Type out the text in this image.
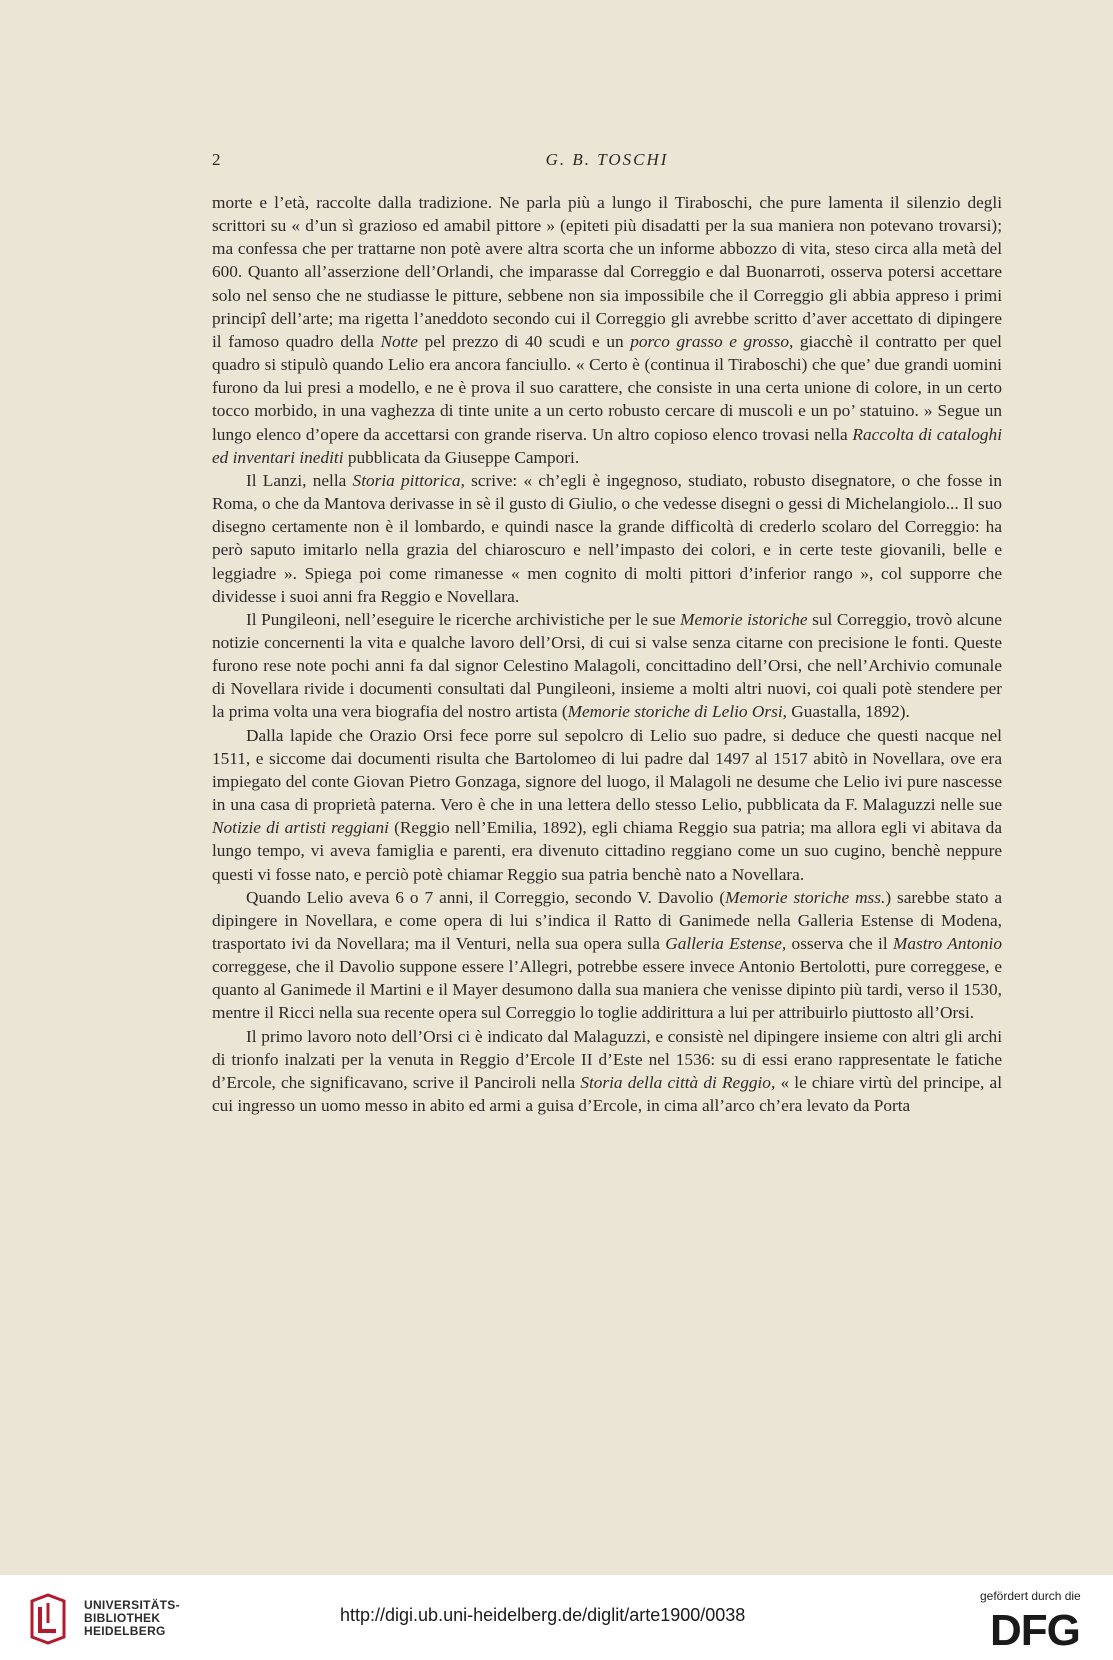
2	G. B. TOSCHI

morte e l’età, raccolte dalla tradizione. Ne parla più a lungo il Tiraboschi, che pure lamenta il silenzio degli scrittori su « d’un sì grazioso ed amabil pittore » (epiteti più disadatti per la sua maniera non potevano trovarsi); ma confessa che per trattarne non potè avere altra scorta che un informe abbozzo di vita, steso circa alla metà del 600. Quanto all’asserzione dell’Orlandi, che imparasse dal Correggio e dal Buonarroti, osserva potersi accettare solo nel senso che ne studiasse le pitture, sebbene non sia impossibile che il Correggio gli abbia appreso i primi principî dell’arte; ma rigetta l’aneddoto secondo cui il Correggio gli avrebbe scritto d’aver accettato di dipingere il famoso quadro della Notte pel prezzo di 40 scudi e un porco grasso e grosso, giacchè il contratto per quel quadro si stipulò quando Lelio era ancora fanciullo. « Certo è (continua il Tiraboschi) che que’ due grandi uomini furono da lui presi a modello, e ne è prova il suo carattere, che consiste in una certa unione di colore, in un certo tocco morbido, in una vaghezza di tinte unite a un certo robusto cercare di muscoli e un po’ statuino. » Segue un lungo elenco d’opere da accettarsi con grande riserva. Un altro copioso elenco trovasi nella Raccolta di cataloghi ed inventari inediti pubblicata da Giuseppe Campori.

Il Lanzi, nella Storia pittorica, scrive: « ch’egli è ingegnoso, studiato, robusto disegnatore, o che fosse in Roma, o che da Mantova derivasse in sè il gusto di Giulio, o che vedesse disegni o gessi di Michelangiolo... Il suo disegno certamente non è il lombardo, e quindi nasce la grande difficoltà di crederlo scolaro del Correggio: ha però saputo imitarlo nella grazia del chiaroscuro e nell’impasto dei colori, e in certe teste giovanili, belle e leggiadre ». Spiega poi come rimanesse « men cognito di molti pittori d’inferior rango », col supporre che dividesse i suoi anni fra Reggio e Novellara.

Il Pungileoni, nell’eseguire le ricerche archivistiche per le sue Memorie istoriche sul Correggio, trovò alcune notizie concernenti la vita e qualche lavoro dell’Orsi, di cui si valse senza citarne con precisione le fonti. Queste furono rese note pochi anni fa dal signor Celestino Malagoli, concittadino dell’Orsi, che nell’Archivio comunale di Novellara rivide i documenti consultati dal Pungileoni, insieme a molti altri nuovi, coi quali potè stendere per la prima volta una vera biografia del nostro artista (Memorie storiche di Lelio Orsi, Guastalla, 1892).

Dalla lapide che Orazio Orsi fece porre sul sepolcro di Lelio suo padre, si deduce che questi nacque nel 1511, e siccome dai documenti risulta che Bartolomeo di lui padre dal 1497 al 1517 abitò in Novellara, ove era impiegato del conte Giovan Pietro Gonzaga, signore del luogo, il Malagoli ne desume che Lelio ivi pure nascesse in una casa di proprietà paterna. Vero è che in una lettera dello stesso Lelio, pubblicata da F. Malaguzzi nelle sue Notizie di artisti reggiani (Reggio nell’Emilia, 1892), egli chiama Reggio sua patria; ma allora egli vi abitava da lungo tempo, vi aveva famiglia e parenti, era divenuto cittadino reggiano come un suo cugino, benchè neppure questi vi fosse nato, e perciò potè chiamar Reggio sua patria benchè nato a Novellara.

Quando Lelio aveva 6 o 7 anni, il Correggio, secondo V. Davolio (Memorie storiche mss.) sarebbe stato a dipingere in Novellara, e come opera di lui s’indica il Ratto di Ganimede nella Galleria Estense di Modena, trasportato ivi da Novellara; ma il Venturi, nella sua opera sulla Galleria Estense, osserva che il Mastro Antonio correggese, che il Davolio suppone essere l’Allegri, potrebbe essere invece Antonio Bertolotti, pure correggese, e quanto al Ganimede il Martini e il Mayer desumono dalla sua maniera che venisse dipinto più tardi, verso il 1530, mentre il Ricci nella sua recente opera sul Correggio lo toglie addirittura a lui per attribuirlo piuttosto all’Orsi.

Il primo lavoro noto dell’Orsi ci è indicato dal Malaguzzi, e consistè nel dipingere insieme con altri gli archi di trionfo inalzati per la venuta in Reggio d’Ercole II d’Este nel 1536: su di essi erano rappresentate le fatiche d’Ercole, che significavano, scrive il Panciroli nella Storia della città di Reggio, « le chiare virtù del principe, al cui ingresso un uomo messo in abito ed armi a guisa d’Ercole, in cima all’arco ch’era levato da Porta

UNIVERSITÄTS-
BIBLIOTHEK
HEIDELBERG
http://digi.ub.uni-heidelberg.de/diglit/arte1900/0038
gefördert durch die
DFG
